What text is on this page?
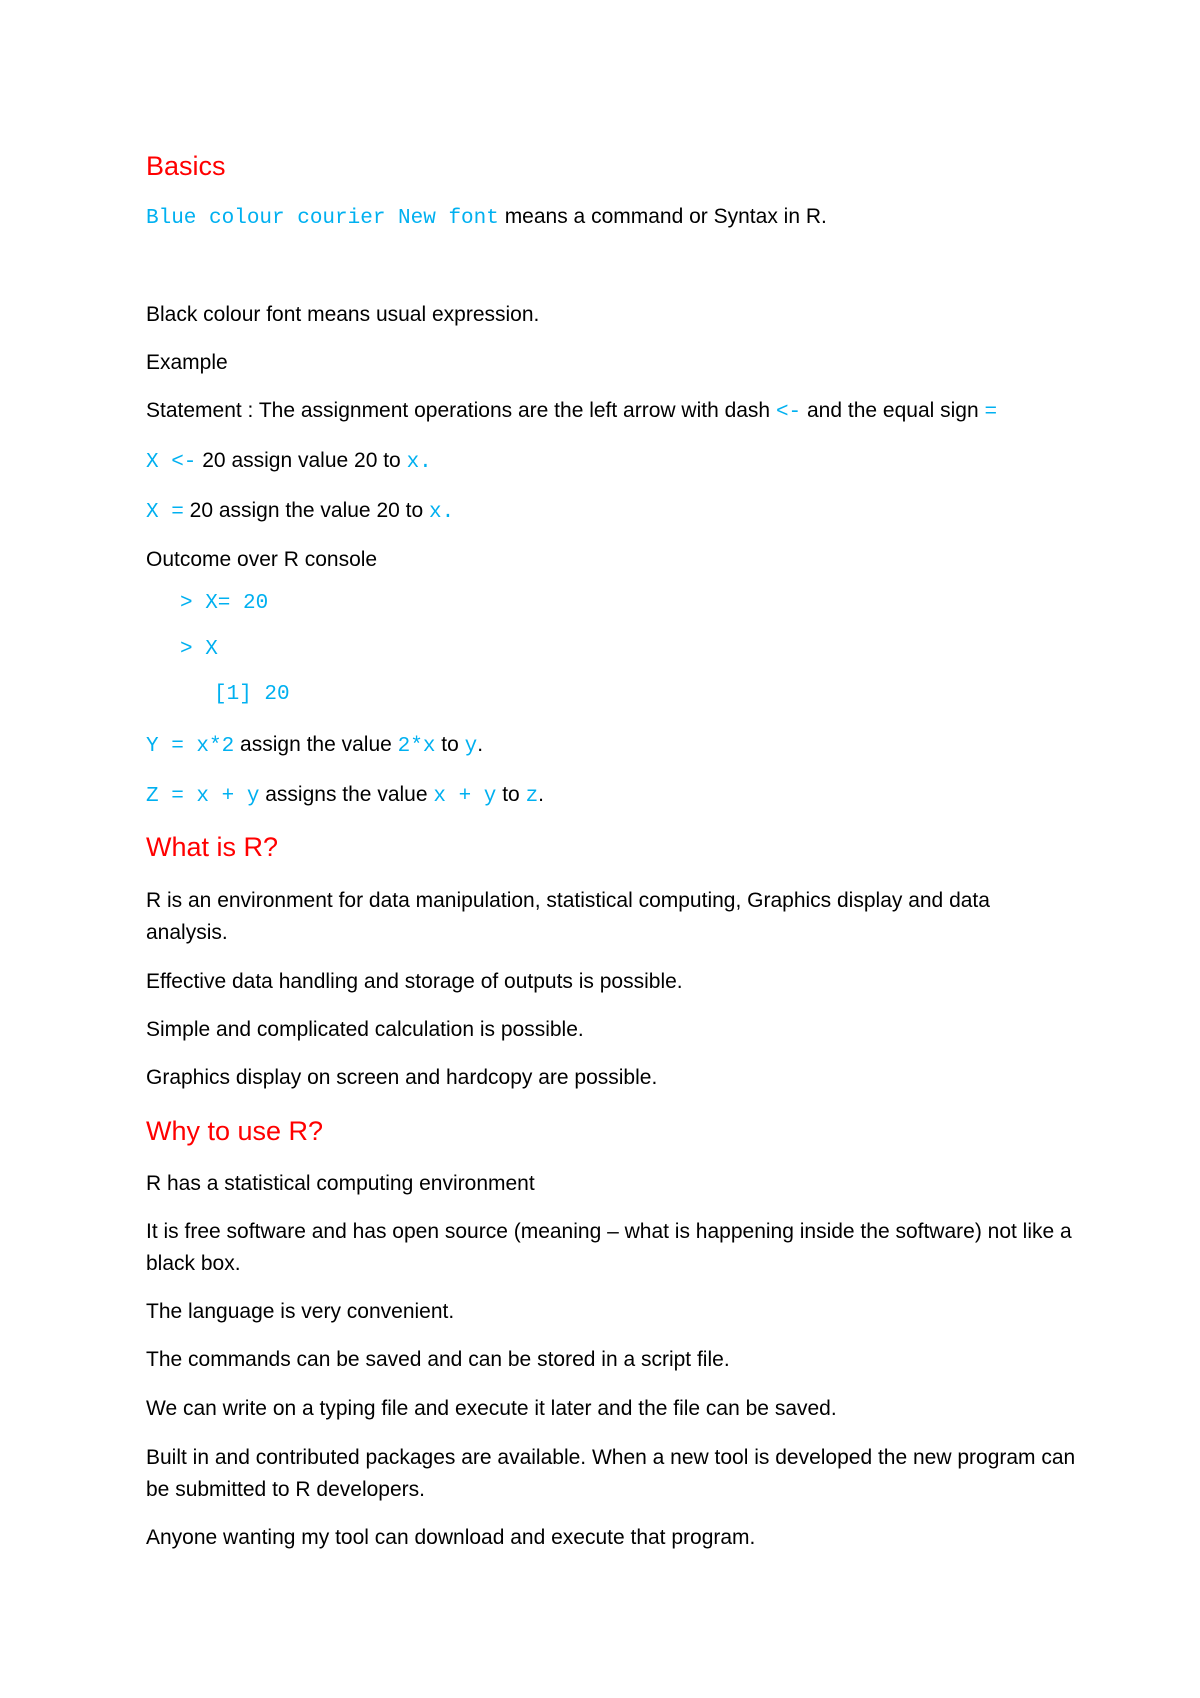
Basics
Blue colour courier New font means a command or Syntax in R.
Black colour font means usual expression.
Example
Statement : The assignment operations are the left arrow with dash <- and the equal sign =
X <- 20 assign value 20 to x.
X = 20 assign the value 20 to x.
Outcome over R console
> X= 20
> X
[1] 20
Y = x*2 assign the value 2*x to y.
Z = x + y assigns the value x + y to z.
What is R?
R is an environment for data manipulation, statistical computing, Graphics display and data analysis.
Effective data handling and storage of outputs is possible.
Simple and complicated calculation is possible.
Graphics display on screen and hardcopy are possible.
Why to use R?
R has a statistical computing environment
It is free software and has open source (meaning – what is happening inside the software) not like a black box.
The language is very convenient.
The commands can be saved and can be stored in a script file.
We can write on a typing file and execute it later and the file can be saved.
Built in and contributed packages are available. When a new tool is developed the new program can be submitted to R developers.
Anyone wanting my tool can download and execute that program.
